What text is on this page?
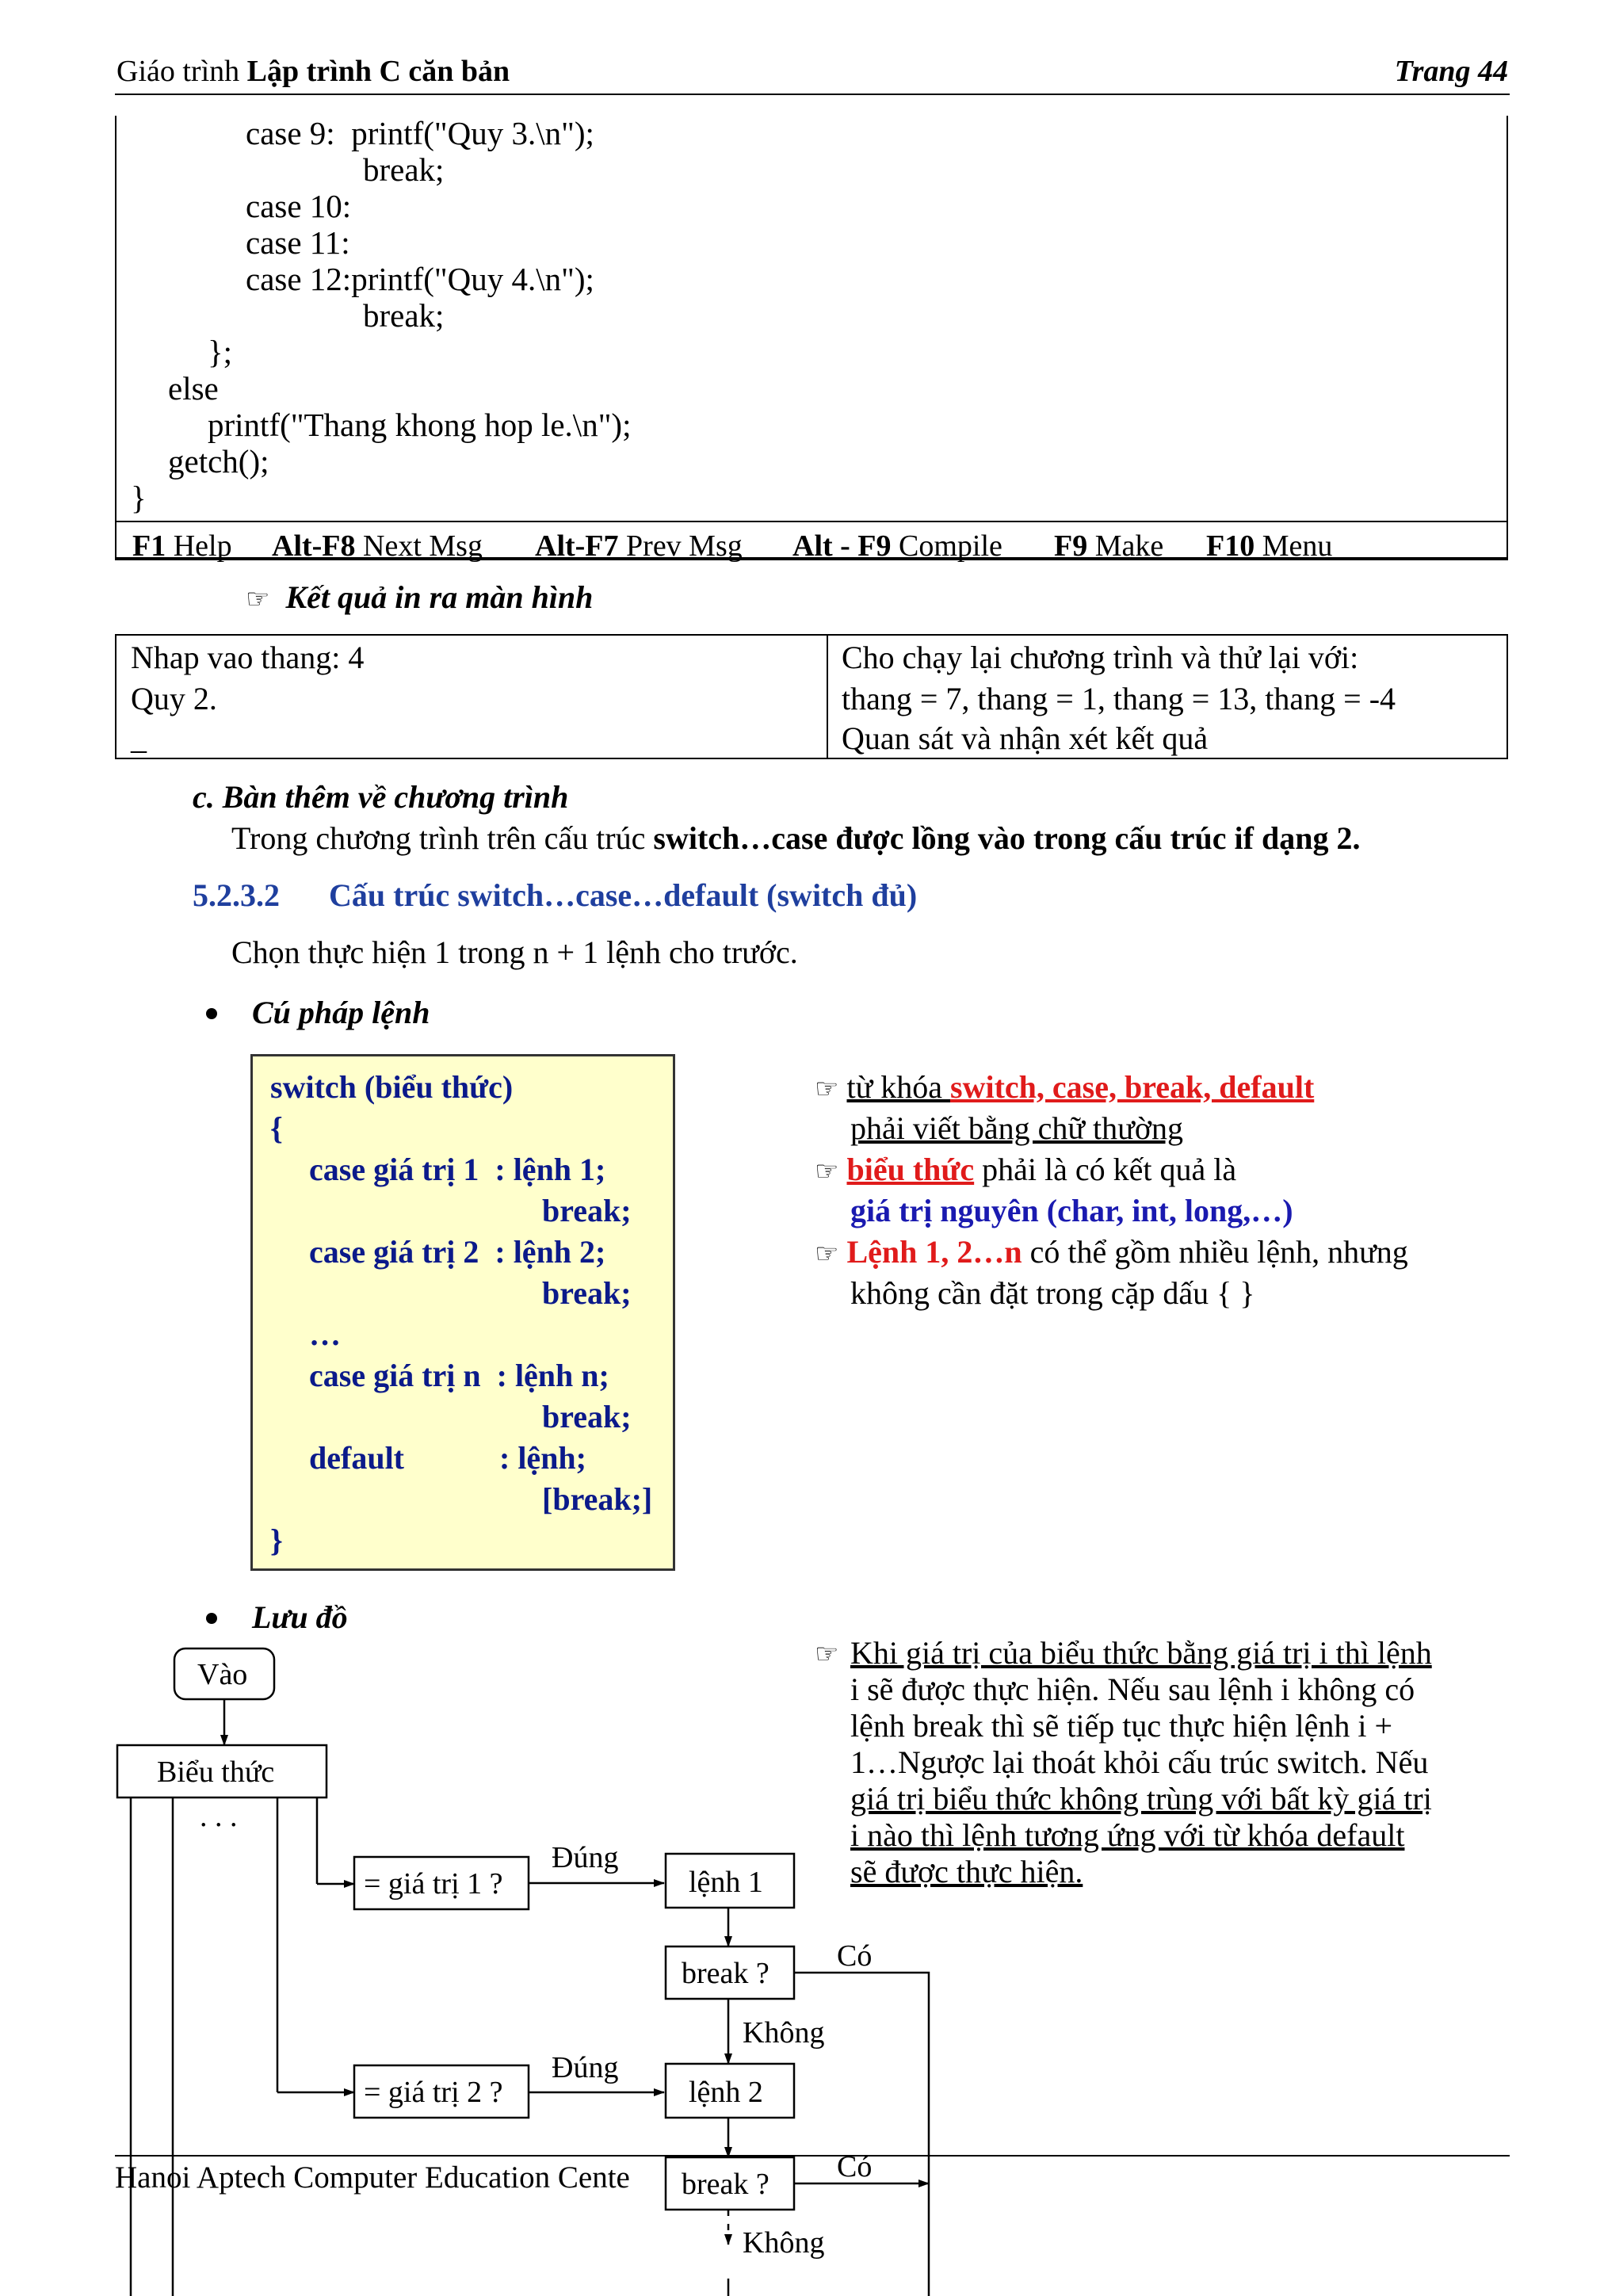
Giáo trình Lập trình C căn bản	Trang 44
case 9:  printf("Quy 3.\n");
break;
case 10:
case 11:
case 12:printf("Quy 4.\n");
break;
};
else
printf("Thang khong hop le.\n");
getch();
}
F1 Help Alt-F8 Next Msg Alt-F7 Prev Msg Alt - F9 Compile F9 Make F10 Menu
☞ Kết quả in ra màn hình
Nhap vao thang: 4
Quy 2.
_
Cho chạy lại chương trình và thử lại với:
thang = 7, thang = 1, thang = 13, thang = -4
Quan sát và nhận xét kết quả
c. Bàn thêm về chương trình
Trong chương trình trên cấu trúc switch…case được lồng vào trong cấu trúc if dạng 2.
5.2.3.2 Cấu trúc switch…case…default (switch đủ)
Chọn thực hiện 1 trong n + 1 lệnh cho trước.
Cú pháp lệnh
switch (biểu thức)
{
case giá trị 1  : lệnh 1;
break;
case giá trị 2  : lệnh 2;
break;
…
case giá trị n  : lệnh n;
break;
default            : lệnh;
[break;]
}
☞ từ khóa switch, case, break, default
phải viết bằng chữ thường
☞ biểu thức phải là có kết quả là
giá trị nguyên (char, int, long,…)
☞ Lệnh 1, 2…n có thể gồm nhiều lệnh, nhưng
không cần đặt trong cặp dấu { }
Lưu đồ
Vào
Biểu thức
. . .
= giá trị 1 ?
Đúng
lệnh 1
break ?
Có
Không
= giá trị 2 ?
Đúng
lệnh 2
break ?
Có
Không
☞ Khi giá trị của biểu thức bằng giá trị i thì lệnh
i sẽ được thực hiện. Nếu sau lệnh i không có
lệnh break thì sẽ tiếp tục thực hiện lệnh i +
1…Ngược lại thoát khỏi cấu trúc switch. Nếu
giá trị biểu thức không trùng với bất kỳ giá trị
i nào thì lệnh tương ứng với từ khóa default
sẽ được thực hiện.
Hanoi Aptech Computer Education Cente
